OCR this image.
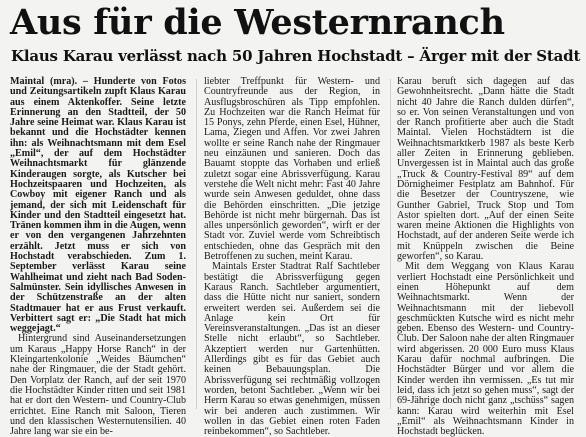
Aus für die Westernranch
Klaus Karau verlässt nach 50 Jahren Hochstadt – Ärger mit der Stadt

Maintal (mra). – Hunderte von Fotos und Zeitungsartikeln zupft Klaus Karau aus einem Aktenkoffer. Seine letzte Erinnerung an den Stadtteil, der 50 Jahre seine Heimat war. Klaus Karau ist bekannt und die Hochstädter kennen ihn: als Weihnachtsmann mit dem Esel „Emil“, der auf dem Hochstädter Weihnachtsmarkt für glänzende Kinderaugen sorgte, als Kutscher bei Hochzeitspaaren und Hochzeiten, als Cowboy mit eigener Ranch und als jemand, der sich mit Leidenschaft für Kinder und den Stadtteil eingesetzt hat. Tränen kommen ihm in die Augen, wenn er von den vergangenen Jahrzehnten erzählt. Jetzt muss er sich von Hochstadt verabschieden. Zum 1. September verlässt Karau seine Wahlheimat und zieht nach Bad Soden-Salmünster. Sein idyllisches Anwesen in der Schützenstraße an der alten Stadtmauer hat er aus Frust verkauft. Verbittert sagt er: „Die Stadt hat mich weggejagt.“

Hintergrund sind Auseinandersetzungen um Karaus „Happy Horse Ranch“ in der Kleingartenkolonie „Weides Bäumchen“ nahe der Ringmauer, die der Stadt gehört. Den Vorplatz der Ranch, auf der seit 1970 die Hochstädter Kinder ritten und seit 1981 hat er dort den Western- und Country-Club errichtet. Eine Ranch mit Saloon, Tieren und den klassischen Westernutensilien. 40 Jahre lang war sie ein be-

liebter Treffpunkt für Western- und Countryfreunde aus der Region, in Ausflugsbroschüren als Tipp empfohlen. Zu Hochzeiten war die Ranch Heimat für 15 Ponys, zehn Pferde, einen Esel, Hühner, Lama, Ziegen und Affen. Vor zwei Jahren wollte er seine Ranch nahe der Ringmauer neu einzäunen und sanieren. Doch das Bauamt stoppte das Vorhaben und erließ zuletzt sogar eine Abrissverfügung. Karau verstehe die Welt nicht mehr: Fast 40 Jahre wurde sein Anwesen geduldet, ohne dass die Behörden einschritten. „Die jetzige Behörde ist nicht mehr bürgernah. Das ist alles unpersönlich geworden“, wirft er der Stadt vor. Zuviel werde vom Schreibtisch entschieden, ohne das Gespräch mit den Betroffenen zu suchen, meint Karau.

Maintals Erster Stadtrat Ralf Sachtleber bestätigt die Abrissverfügung gegen Karaus Ranch. Sachtleber argumentiert, dass die Hütte nicht nur saniert, sondern erweitert werden sei. Außerdem sei die Anlage kein Ort für Vereinsveranstaltungen. „Das ist an dieser Stelle nicht erlaubt“, so Sachtleber. Akzeptiert werden nur Gartenhütten. Allerdings gibt es für das Gebiet auch keinen Bebauungsplan. Die Abrissverfügung sei rechtmäßig vollzogen worden, betont Sachtleber. „Wenn wir bei Herrn Karau so etwas genehmigen, müssen wir bei anderen auch zustimmen. Wir wollen in das Gebiet einen roten Faden reinbekommen“, so Sachtleber.

Karau beruft sich dagegen auf das Gewohnheitsrecht. „Dann hätte die Stadt nicht 40 Jahre die Ranch dulden dürfen“, so er. Von seinen Veranstaltungen und von der Ranch profitierte aber auch die Stadt Maintal. Vielen Hochstädtern ist die Weihnachtsmarktkerb 1987 als beste Kerb aller Zeiten in Erinnerung geblieben. Unvergessen ist in Maintal auch das große „Truck & Country-Festival 89“ auf dem Dörnigheimer Festplatz am Bahnhof. Für die Besetzer der Countryszene, wie Gunther Gabriel, Truck Stop und Tom Astor spielten dort. „Auf der einen Seite waren meine Aktionen die Highlights von Hochstadt, auf der anderen Seite werde ich mit Knüppeln zwischen die Beine geworfen“, so Karau.

Mit dem Weggang von Klaus Karau verliert Hochstadt eine Persönlichkeit und einen Höhepunkt auf dem Weihnachtsmarkt. Wenn der Weihnachtsmann mit der liebevoll geschmückten Kutsche wird es nicht mehr geben. Ebenso des Western- und Country-Club. Der Saloon nahe der alten Ringmauer wird abgerissen. 20 000 Euro muss Klaus Karau dafür nochmal aufbringen. Die Hochstädter Bürger und vor allem die Kinder werden ihn vermissen. „Es tut mir leid, dass ich jetzt so gehen muss“, sagt der 69-Jährige doch nicht ganz „tschüss“ sagen kann: Karau wird weiterhin mit Esel „Emil“ als Weihnachtsmann Kinder in Hochstadt beglücken.
